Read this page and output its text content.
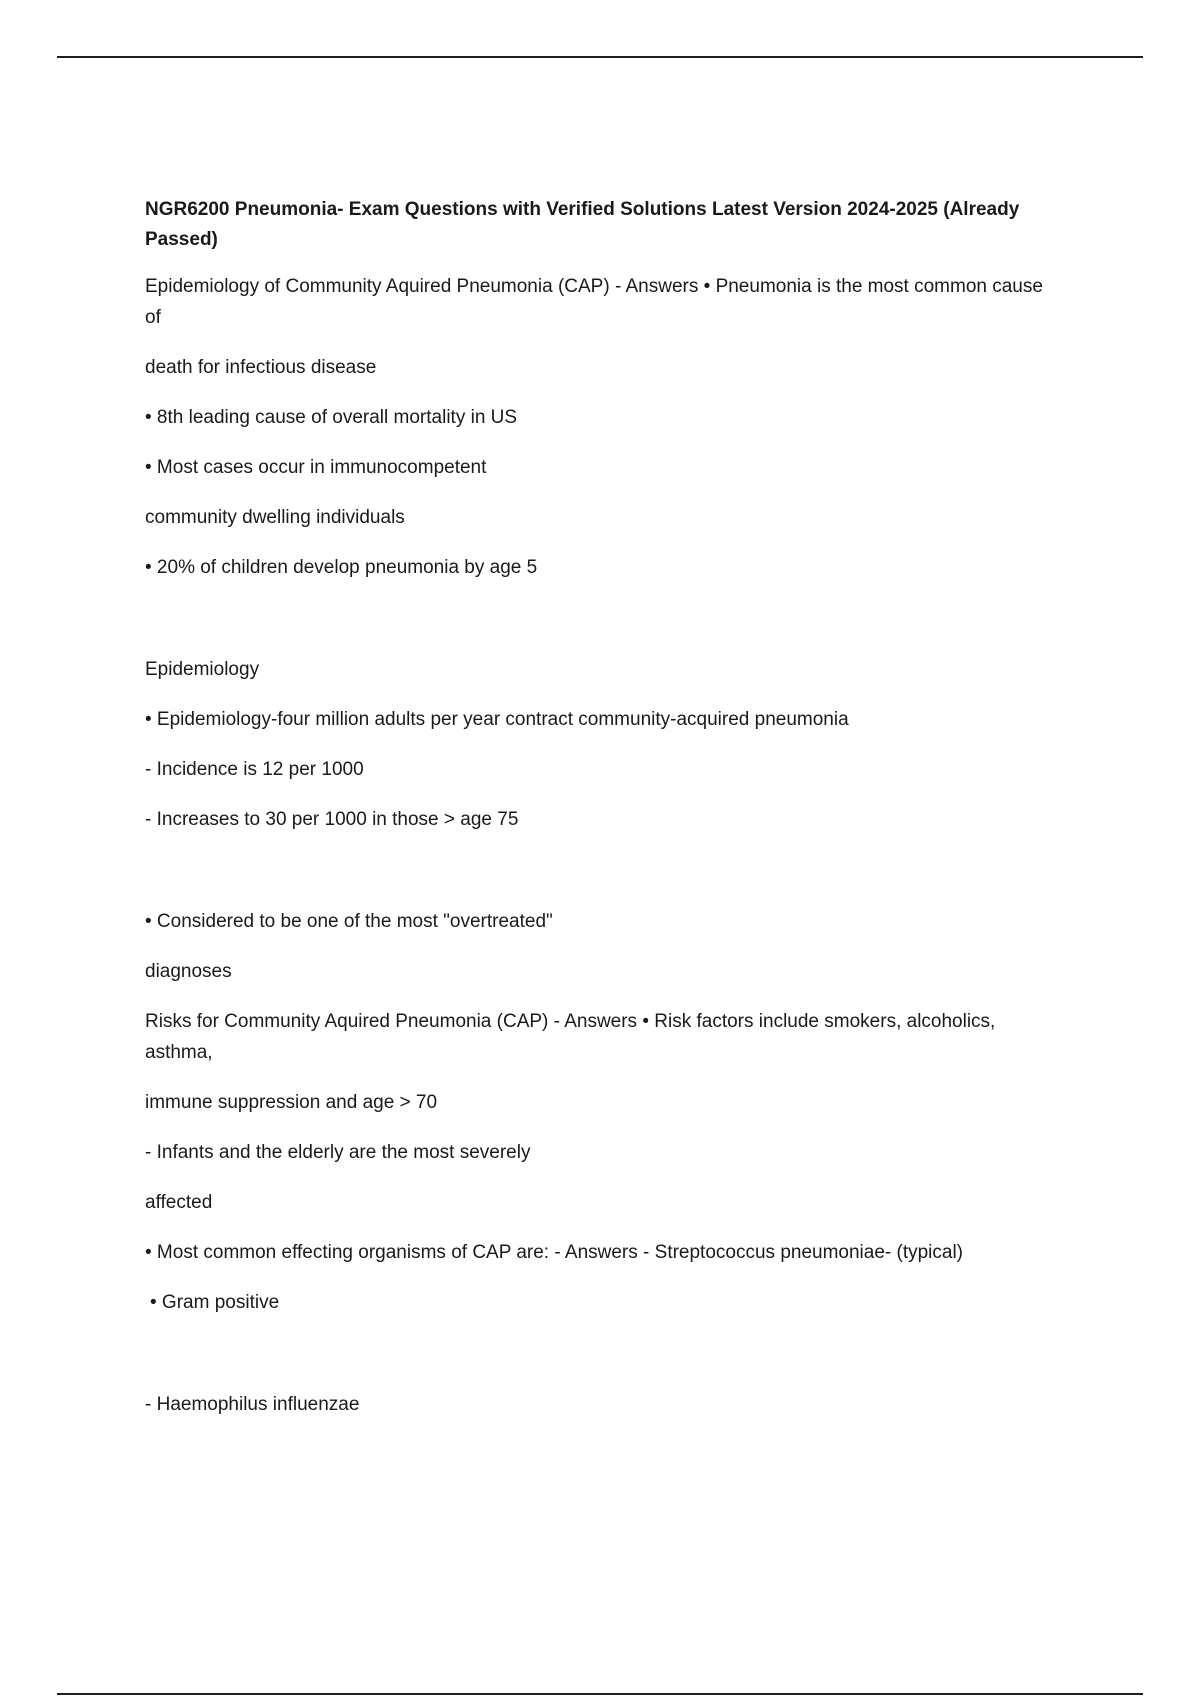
NGR6200 Pneumonia- Exam Questions with Verified Solutions Latest Version 2024-2025 (Already Passed)
Epidemiology of Community Aquired Pneumonia (CAP) - Answers • Pneumonia is the most common cause of
death for infectious disease
• 8th leading cause of overall mortality in US
• Most cases occur in immunocompetent
community dwelling individuals
• 20% of children develop pneumonia by age 5
Epidemiology
• Epidemiology-four million adults per year contract community-acquired pneumonia
- Incidence is 12 per 1000
- Increases to 30 per 1000 in those > age 75
• Considered to be one of the most "overtreated"
diagnoses
Risks for Community Aquired Pneumonia (CAP) - Answers • Risk factors include smokers, alcoholics, asthma,
immune suppression and age > 70
- Infants and the elderly are the most severely
affected
• Most common effecting organisms of CAP are: - Answers - Streptococcus pneumoniae- (typical)
• Gram positive
- Haemophilus influenzae
